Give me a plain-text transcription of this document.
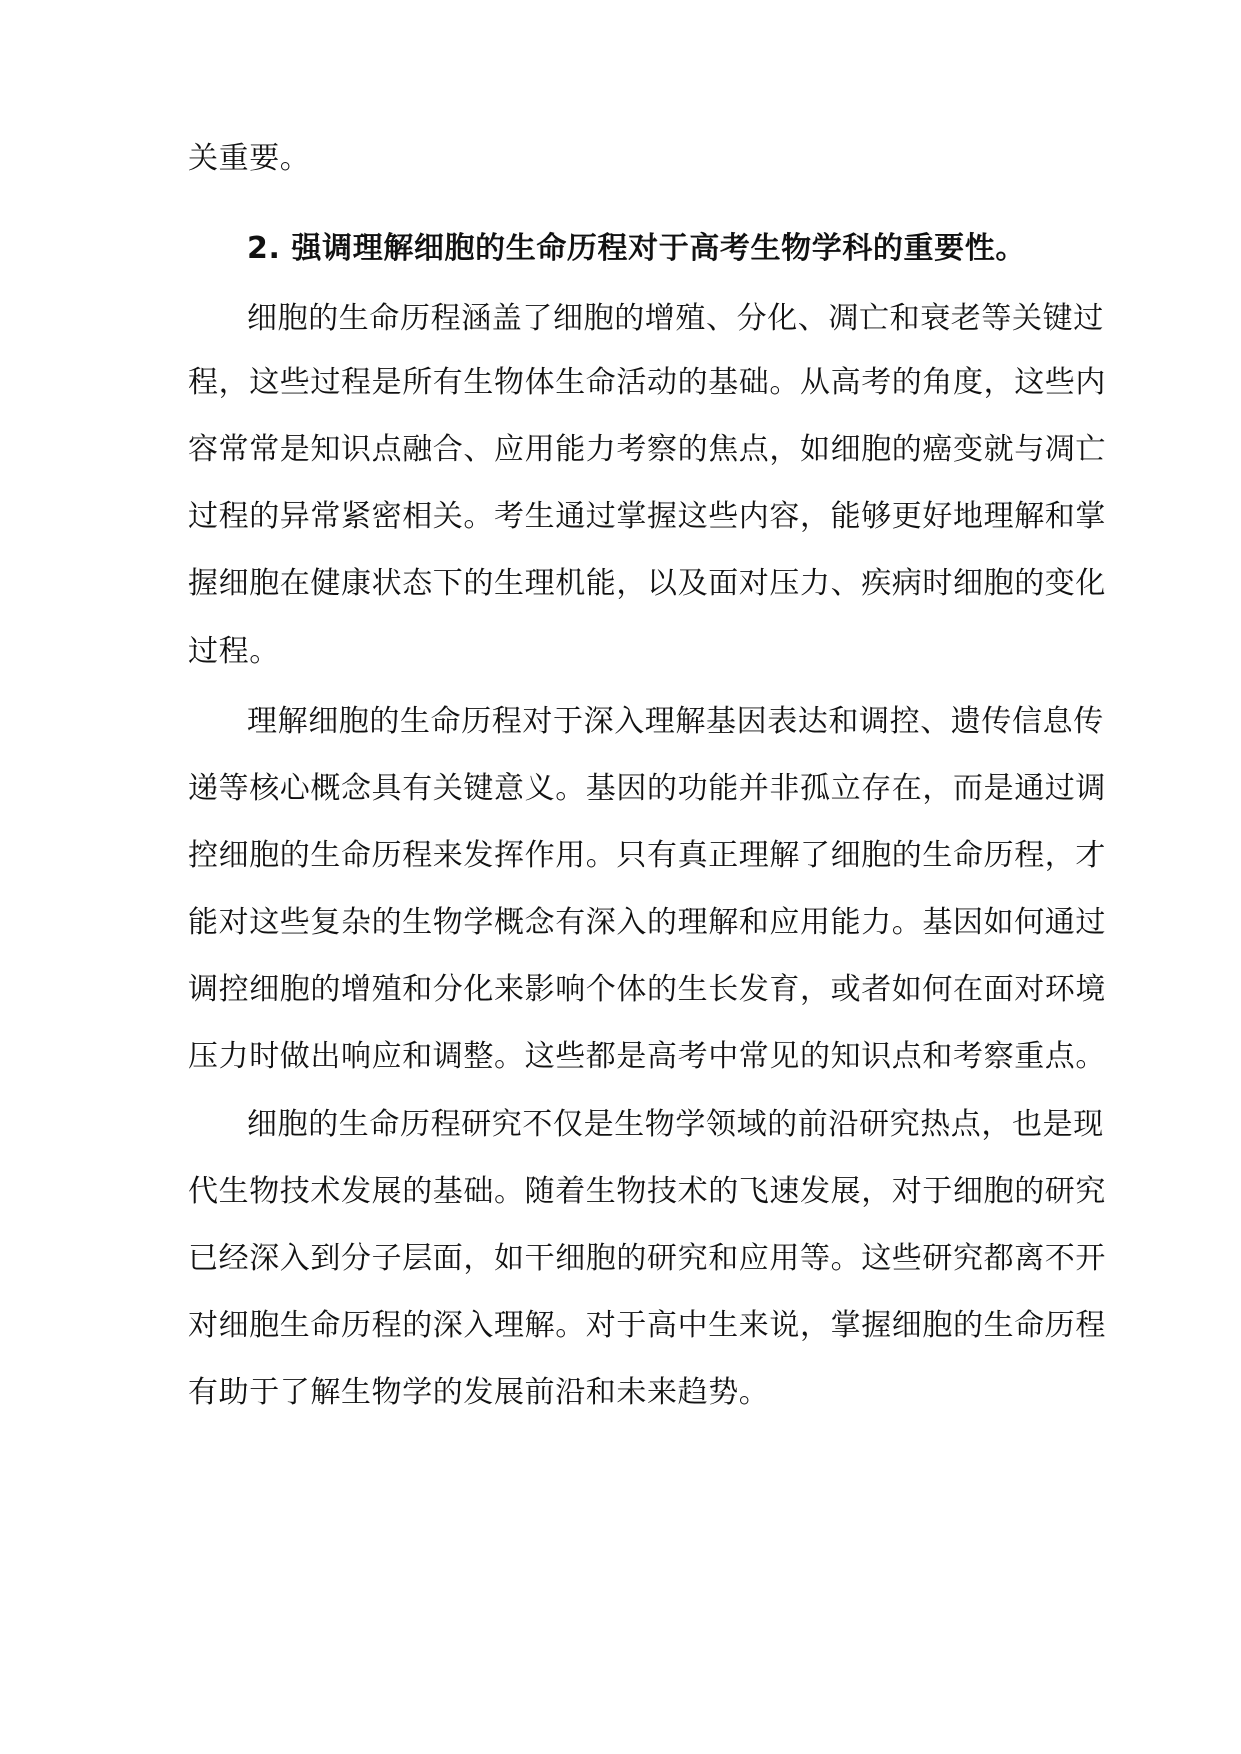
关重要。
2. 强调理解细胞的生命历程对于高考生物学科的重要性。
细胞的生命历程涵盖了细胞的增殖、分化、凋亡和衰老等关键过
程，这些过程是所有生物体生命活动的基础。从高考的角度，这些内
容常常是知识点融合、应用能力考察的焦点，如细胞的癌变就与凋亡
过程的异常紧密相关。考生通过掌握这些内容，能够更好地理解和掌
握细胞在健康状态下的生理机能，以及面对压力、疾病时细胞的变化
过程。
理解细胞的生命历程对于深入理解基因表达和调控、遗传信息传
递等核心概念具有关键意义。基因的功能并非孤立存在，而是通过调
控细胞的生命历程来发挥作用。只有真正理解了细胞的生命历程，才
能对这些复杂的生物学概念有深入的理解和应用能力。基因如何通过
调控细胞的增殖和分化来影响个体的生长发育，或者如何在面对环境
压力时做出响应和调整。这些都是高考中常见的知识点和考察重点。
细胞的生命历程研究不仅是生物学领域的前沿研究热点，也是现
代生物技术发展的基础。随着生物技术的飞速发展，对于细胞的研究
已经深入到分子层面，如干细胞的研究和应用等。这些研究都离不开
对细胞生命历程的深入理解。对于高中生来说，掌握细胞的生命历程
有助于了解生物学的发展前沿和未来趋势。
